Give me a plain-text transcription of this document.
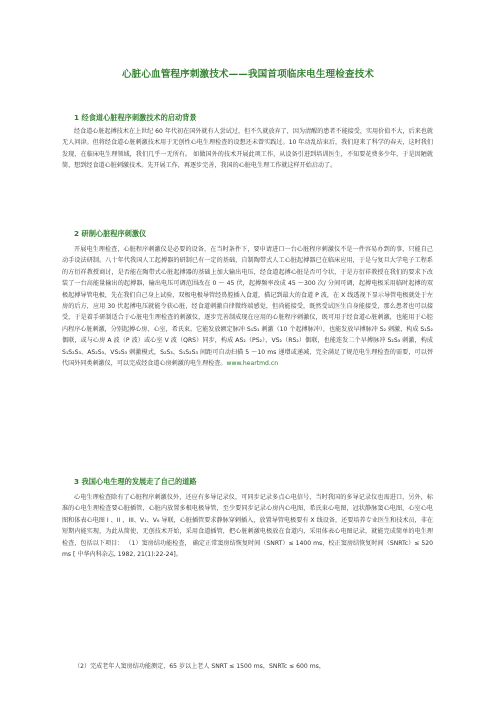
心脏心血管程序刺激技术——我国首项临床电生理检查技术
1 经食道心脏程序刺激技术的启动背景
经食道心脏起搏技术在上世纪 60 年代初在国外就有人尝试过，但不久就放弃了，因为清醒的患者不能接受，实用价值不大，后来也就无人问津。但将经食道心脏刺激技术用于无创性心电生理检查的设想还未曾实践过。10 年动乱结束后，我们迎来了科学的春天，这时我们发现，在临床电生理领域，我们几乎一无所有。 如做国外的技术开展此项工作，从设备引进到培训医生，不知要花费多少年，于是因陋就简，想到经食道心脏刺激技术。先开展工作，再逐步完善，我国的心脏电生理工作就这样开始启动了。
2 研制心脏程序刺激仪
开展电生理检查，心脏程序刺激仪是必要的设备，在当时条件下，要申请进口一台心脏程序刺激仪不是一件容易办到的事，只能自己动手设法研制。八十年代我国人工起搏器的研制已有一定的基础，自制陶带式人工心脏起搏器已在临床应用，于是与复旦大学电子工程系的方衍祥教授商讨，是否能在陶带式心脏起搏器的基础上加大输出电压，经食道起搏心脏是否可令状，于是方衍祥教授在我们的要求下改装了一台高能量输出的起搏器，输出电压可调范围改在 0 ～ 45 伏，起搏频率改成 45 ～300 次/ 分间可调，起搏电极采用临时起搏的双极起搏导管电极，先在我们自己身上试验，双极电极导管经鼻腔插入食道，描记到最大的食道 P 波，在 X 线透视下显示导管电极就处于左房的后方，应用 30 伏起搏电压就能令获心脏，经食道刺激自律微终端感觉，但尚能接受，既然受试医生自身能接受，那么患者也可以接受，于是着手研制适合于心脏电生理检查的刺激仪，逐步完善制成现在应用的心脏程序刺激仪，既可用于经食道心脏刺激，也能用于心腔内程序心脏刺激，分别起搏心房、心室，希氏束。它能发放额定脉冲 S₁S₁ 刺激（10 个起搏脉冲），也能发放早搏脉冲 S₂ 刺激，构成 S₁S₂ 偶联，或与心房 A 波（P 波）或心室 V 波（QRS）同步，构成 AS₂（PS₂）、VS₂（RS₂）偶联，也能连发二个早搏脉冲 S₂S₃ 刺激，构成 S₁S₂S₃、AS₂S₃、VS₂S₃ 刺激模式，S₂S₃、S₁S₂S₃ 间距可自动扫描 5 ～10 ms 递增或递减，完全满足了规范电生理检查的需要，可以替代国外同类刺激仪，可以完成经食道心房刺激的电生理检查。www.heartmd.cn
3 我国心电生理的发展走了自己的道路
心电生理检查除有了心脏程序刺激仪外，还应有多导记录仪，可同步记录多点心电信号，当时我国的多导记录仪也需进口，另外，标准的心电生理检查要心脏插管，心脏内放置多根电极导管，至少要同步记录心房内心电图，希氏束心电图，冠状静脉窦心电图，心室心电图和体表心电图 I 、II 、III、V₁、V₆ 导联，心脏插管要求静脉穿刺插入，放置导管电极要有 X 线设备，还要培养专业医生和技术员，非在短期内能实现，为此从简使，无创技术开始，采用食道插管，把心脏刺激电极放在食道内，采用体表心电图记录，就能完成简单的电生理检查，包括以下项目： （1）窦房结功能检查， 确定正常窦房结恢复时间（SNRT）≤ 1400 ms，校正窦房结恢复时间（SNRTc）≤ 520 ms [ 中华内科杂志, 1982, 21(1):22-24]。
（2）完成老年人窦房结功能测定，65 岁以上老人 SNRT ≤ 1500 ms，SNRTc ≤ 600 ms，
